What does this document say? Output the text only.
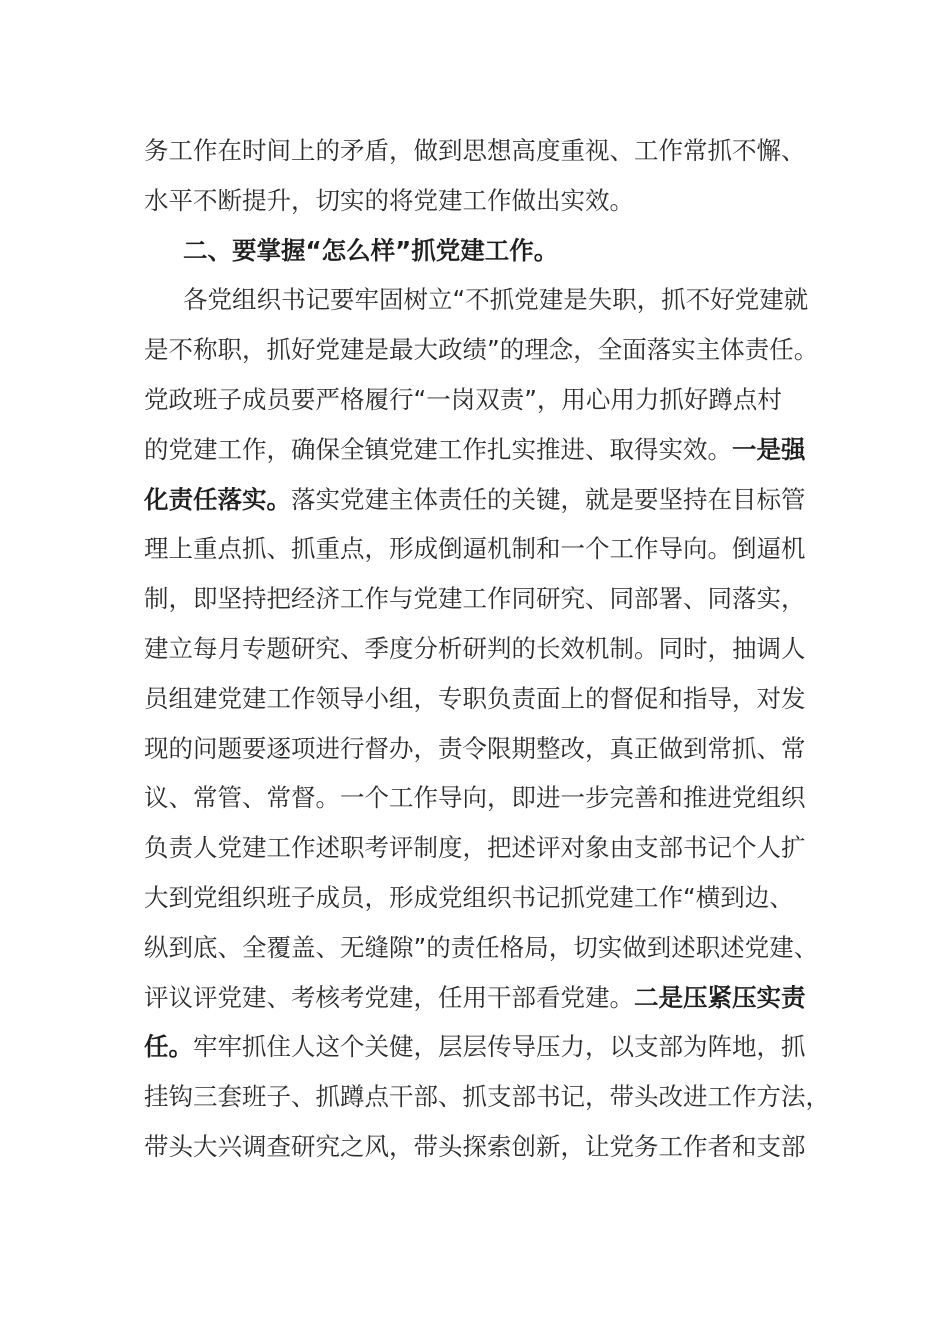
务工作在时间上的矛盾，做到思想高度重视、工作常抓不懈、
水平不断提升，切实的将党建工作做出实效。
二、要掌握“怎么样”抓党建工作。
各党组织书记要牢固树立“不抓党建是失职，抓不好党建就
是不称职，抓好党建是最大政绩”的理念，全面落实主体责任。
党政班子成员要严格履行“一岗双责”，用心用力抓好蹲点村
的党建工作，确保全镇党建工作扎实推进、取得实效。一是强
化责任落实。落实党建主体责任的关键，就是要坚持在目标管
理上重点抓、抓重点，形成倒逼机制和一个工作导向。倒逼机
制，即坚持把经济工作与党建工作同研究、同部署、同落实，
建立每月专题研究、季度分析研判的长效机制。同时，抽调人
员组建党建工作领导小组，专职负责面上的督促和指导，对发
现的问题要逐项进行督办，责令限期整改，真正做到常抓、常
议、常管、常督。一个工作导向，即进一步完善和推进党组织
负责人党建工作述职考评制度，把述评对象由支部书记个人扩
大到党组织班子成员，形成党组织书记抓党建工作“横到边、
纵到底、全覆盖、无缝隙”的责任格局，切实做到述职述党建、
评议评党建、考核考党建，任用干部看党建。二是压紧压实责
任。牢牢抓住人这个关健，层层传导压力，以支部为阵地，抓
挂钩三套班子、抓蹲点干部、抓支部书记，带头改进工作方法，
带头大兴调查研究之风，带头探索创新，让党务工作者和支部
